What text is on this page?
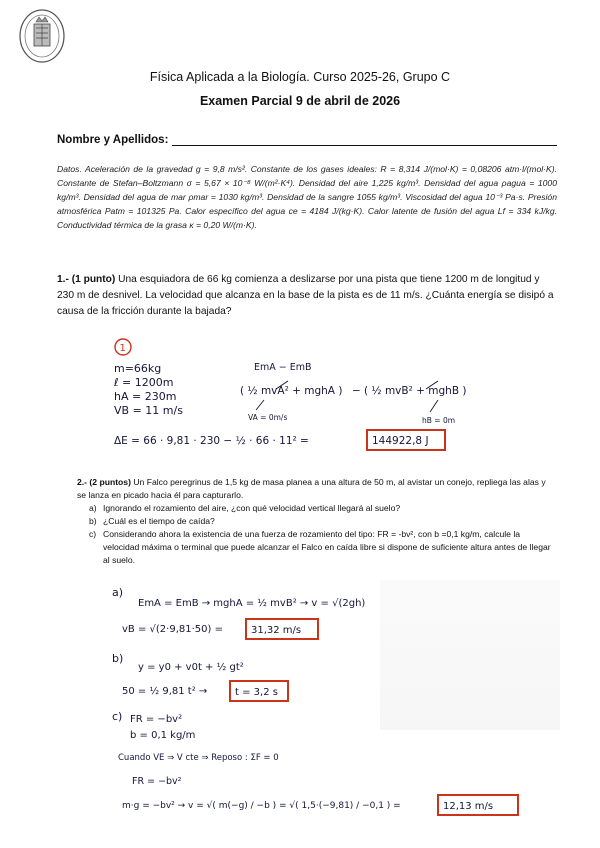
Física Aplicada a la Biología. Curso 2025-26, Grupo C
Examen Parcial 9 de abril de 2026
Nombre y Apellidos:
Datos. Aceleración de la gravedad g = 9,8 m/s². Constante de los gases ideales: R = 8,314 J/(mol·K) = 0,08206 atm·l/(mol·K). Constante de Stefan–Boltzmann σ = 5,67 × 10⁻⁸ W/(m²·K⁴). Densidad del aire 1,225 kg/m³. Densidad del agua ρagua = 1000 kg/m³. Densidad del agua de mar ρmar = 1030 kg/m³. Densidad de la sangre 1055 kg/m³. Viscosidad del agua 10⁻³ Pa·s. Presión atmosférica Patm = 101325 Pa. Calor específico del agua ce = 4184 J/(kg·K). Calor latente de fusión del agua Lf = 334 kJ/kg. Conductividad térmica de la grasa κ = 0,20 W/(m·K).
1.- (1 punto) Una esquiadora de 66 kg comienza a deslizarse por una pista que tiene 1200 m de longitud y 230 m de desnivel. La velocidad que alcanza en la base de la pista es de 11 m/s. ¿Cuánta energía se disipó a causa de la fricción durante la bajada?
1
m=66kg
ℓ = 1200m
hA = 230m
VB = 11 m/s
EmA − EmB
( ½ mvA² + mghA ) − ( ½ mvB² + mghB )
VA = 0m/s	hB = 0m
ΔE = 66 · 9,81 · 230 − ½ · 66 · 11² =	144922,8 J
2.- (2 puntos) Un Falco peregrinus de 1,5 kg de masa planea a una altura de 50 m, al avistar un conejo, repliega las alas y se lanza en picado hacia él para capturarlo.
a) Ignorando el rozamiento del aire, ¿con qué velocidad vertical llegará al suelo?
b) ¿Cuál es el tiempo de caída?
c) Considerando ahora la existencia de una fuerza de rozamiento del tipo: FR = -bv², con b =0,1 kg/m, calcule la velocidad máxima o terminal que puede alcanzar el Falco en caída libre si dispone de suficiente altura antes de llegar al suelo.
a)
EmA = EmB → mghA = ½ mvB² → v = √(2gh)
vB = √(2·9,81·50) =	31,32 m/s
b)
y = y0 + v0t + ½ gt²
50 = ½ 9,81 t² →	t = 3,2 s
c) FR = −bv²
b = 0,1 kg/m
Cuando VE ⇒ V cte ⇒ Reposo : ΣF = 0
FR = −bv²
m·g = −bv² → v = √( m(−g) / −b ) = √( 1,5·(−9,81) / −0,1 ) =	12,13 m/s
